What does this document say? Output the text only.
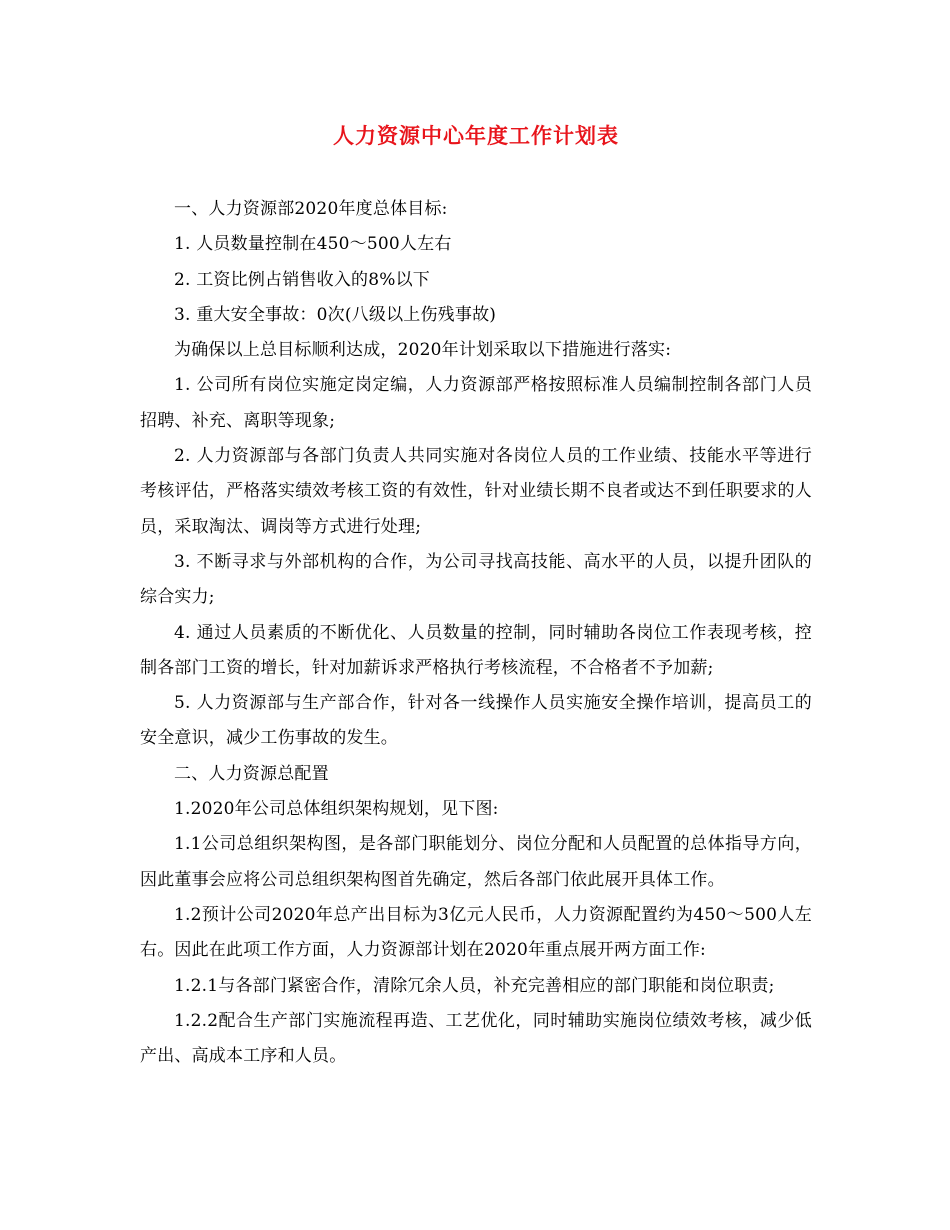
人力资源中心年度工作计划表

一、人力资源部2020年度总体目标:

1. 人员数量控制在450～500人左右

2. 工资比例占销售收入的8%以下

3. 重大安全事故：0次(八级以上伤残事故)

为确保以上总目标顺利达成，2020年计划采取以下措施进行落实:

1. 公司所有岗位实施定岗定编，人力资源部严格按照标准人员编制控制各部门人员招聘、补充、离职等现象;

2. 人力资源部与各部门负责人共同实施对各岗位人员的工作业绩、技能水平等进行考核评估，严格落实绩效考核工资的有效性，针对业绩长期不良者或达不到任职要求的人员，采取淘汰、调岗等方式进行处理;

3. 不断寻求与外部机构的合作，为公司寻找高技能、高水平的人员，以提升团队的综合实力;

4. 通过人员素质的不断优化、人员数量的控制，同时辅助各岗位工作表现考核，控制各部门工资的增长，针对加薪诉求严格执行考核流程，不合格者不予加薪;

5. 人力资源部与生产部合作，针对各一线操作人员实施安全操作培训，提高员工的安全意识，减少工伤事故的发生。

二、人力资源总配置

1.2020年公司总体组织架构规划，见下图:

1.1公司总组织架构图，是各部门职能划分、岗位分配和人员配置的总体指导方向，因此董事会应将公司总组织架构图首先确定，然后各部门依此展开具体工作。

1.2预计公司2020年总产出目标为3亿元人民币，人力资源配置约为450～500人左右。因此在此项工作方面，人力资源部计划在2020年重点展开两方面工作:

1.2.1与各部门紧密合作，清除冗余人员，补充完善相应的部门职能和岗位职责;

1.2.2配合生产部门实施流程再造、工艺优化，同时辅助实施岗位绩效考核，减少低产出、高成本工序和人员。
